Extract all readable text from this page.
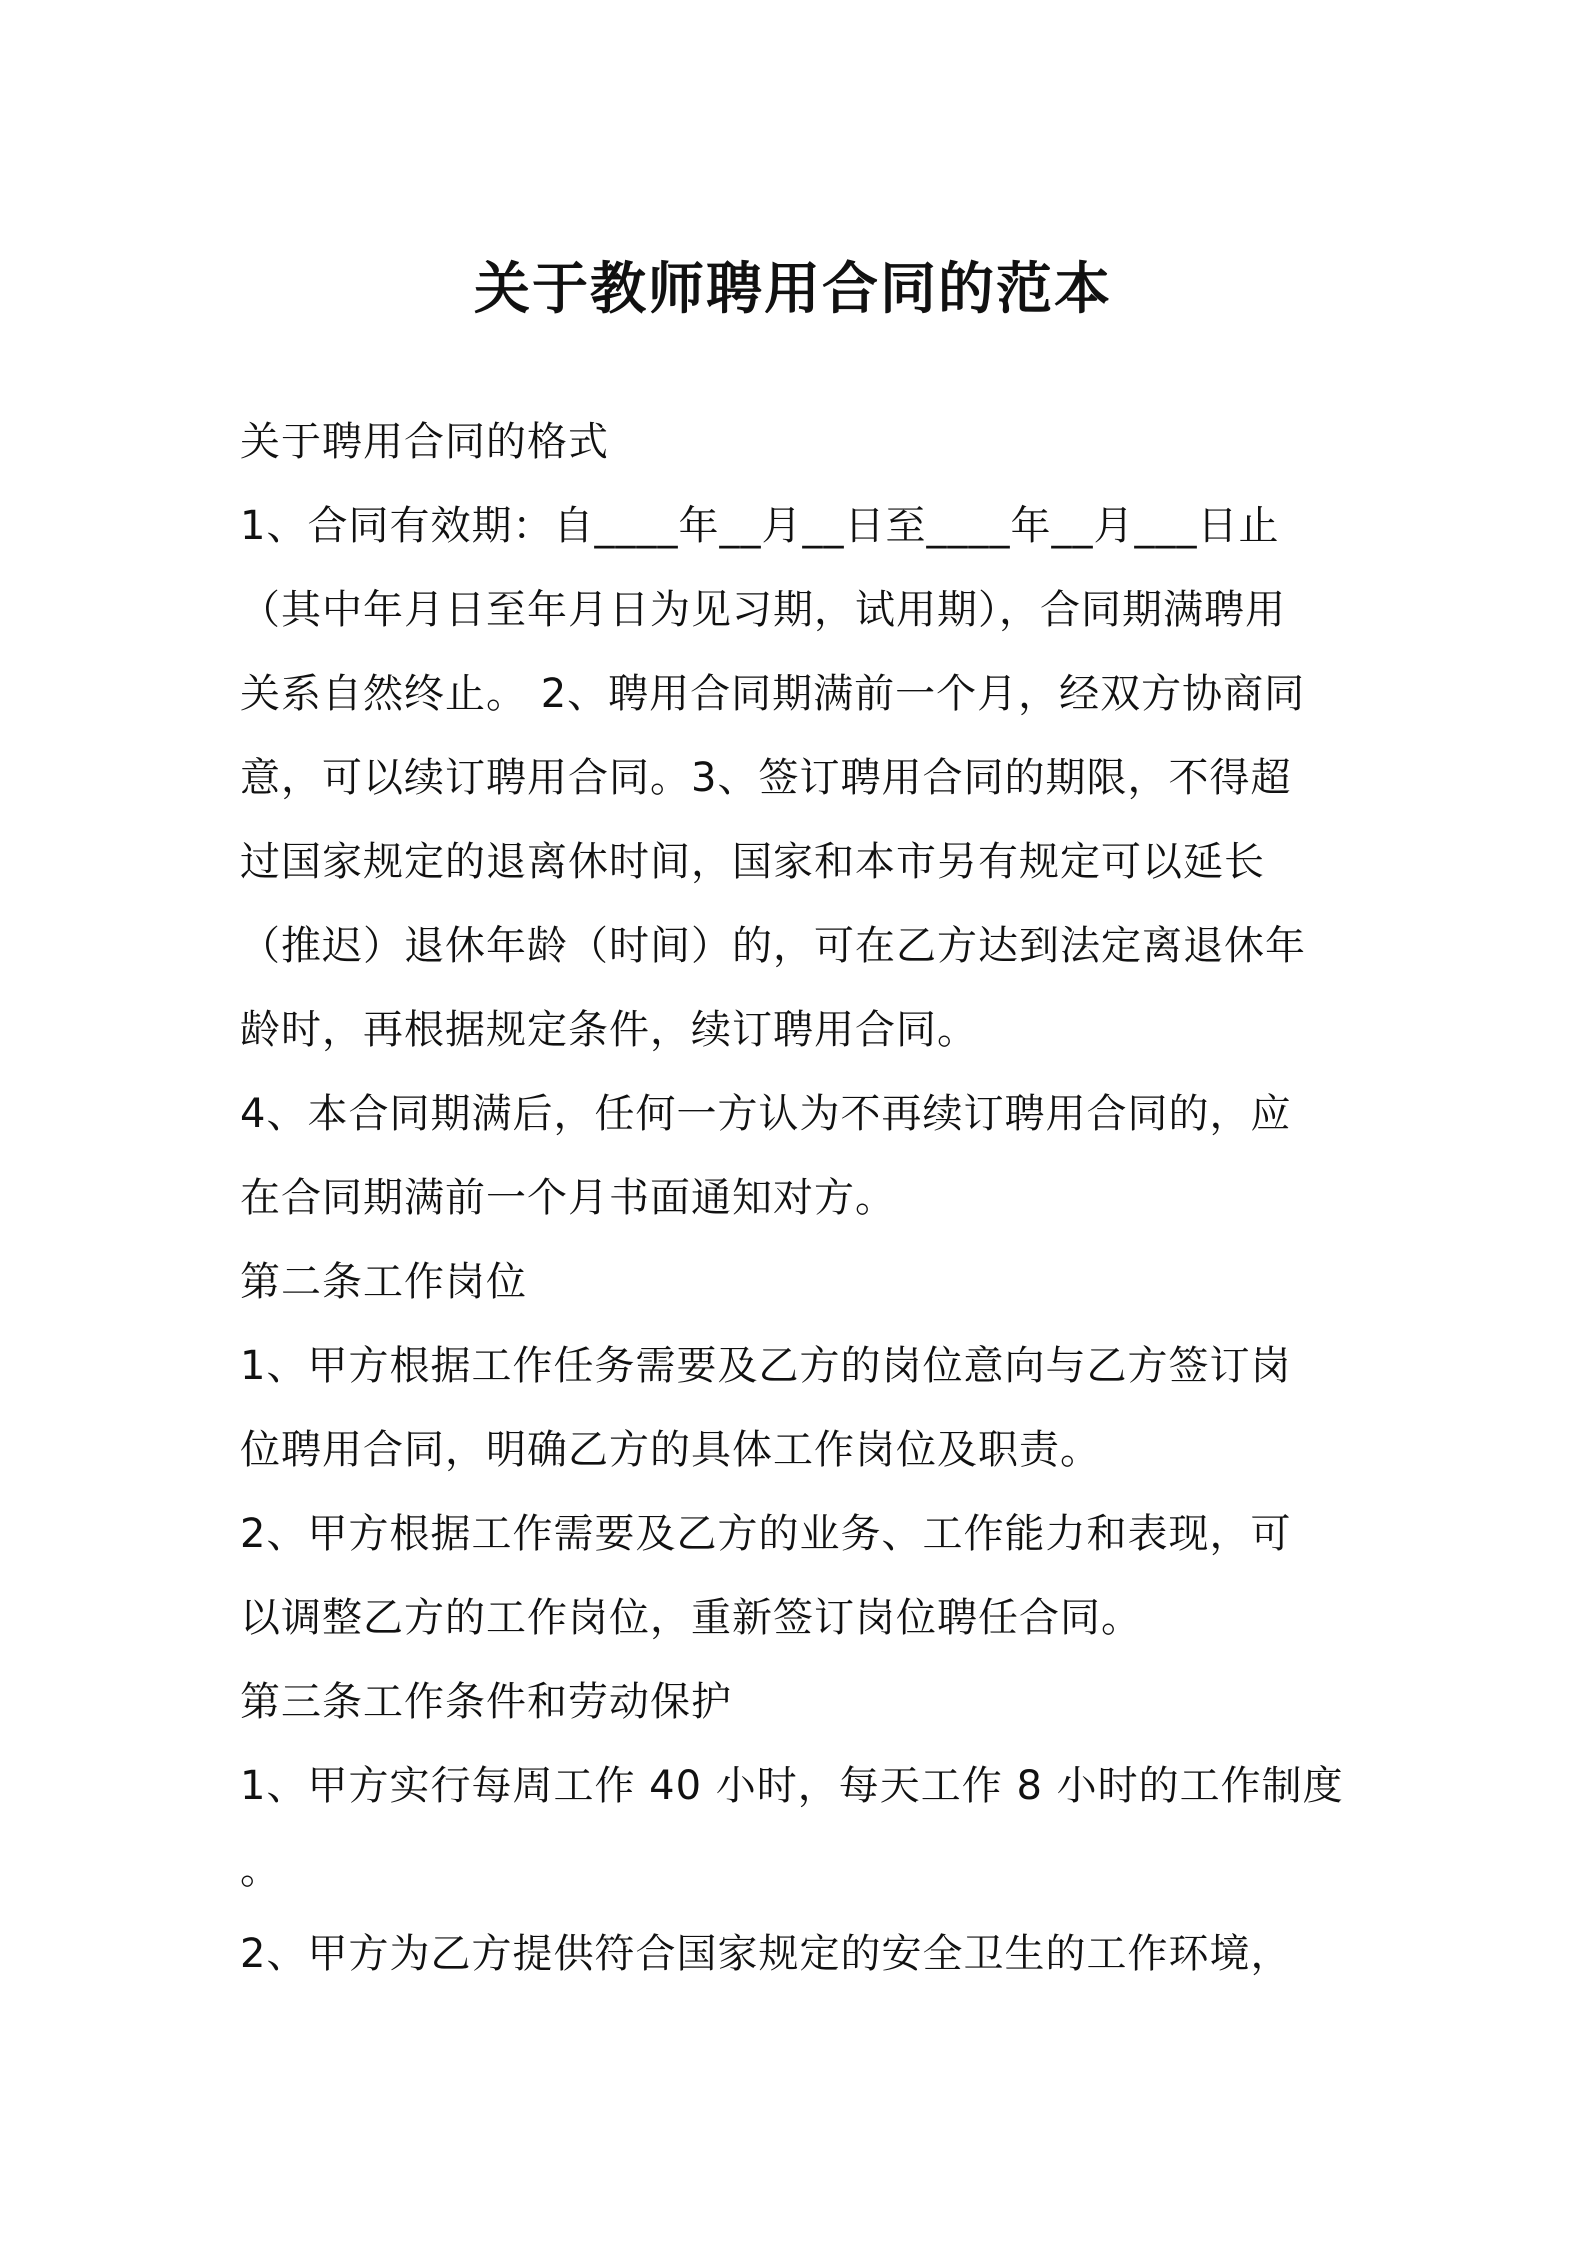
关于教师聘用合同的范本
关于聘用合同的格式
1、合同有效期：自____年__月__日至____年__月___日止
（其中年月日至年月日为见习期，试用期），合同期满聘用
关系自然终止。 2、聘用合同期满前一个月，经双方协商同
意，可以续订聘用合同。3、签订聘用合同的期限，不得超
过国家规定的退离休时间，国家和本市另有规定可以延长
（推迟）退休年龄（时间）的，可在乙方达到法定离退休年
龄时，再根据规定条件，续订聘用合同。
4、本合同期满后，任何一方认为不再续订聘用合同的，应
在合同期满前一个月书面通知对方。
第二条工作岗位
1、甲方根据工作任务需要及乙方的岗位意向与乙方签订岗
位聘用合同，明确乙方的具体工作岗位及职责。
2、甲方根据工作需要及乙方的业务、工作能力和表现，可
以调整乙方的工作岗位，重新签订岗位聘任合同。
第三条工作条件和劳动保护
1、甲方实行每周工作 40 小时，每天工作 8 小时的工作制度
。
2、甲方为乙方提供符合国家规定的安全卫生的工作环境，
